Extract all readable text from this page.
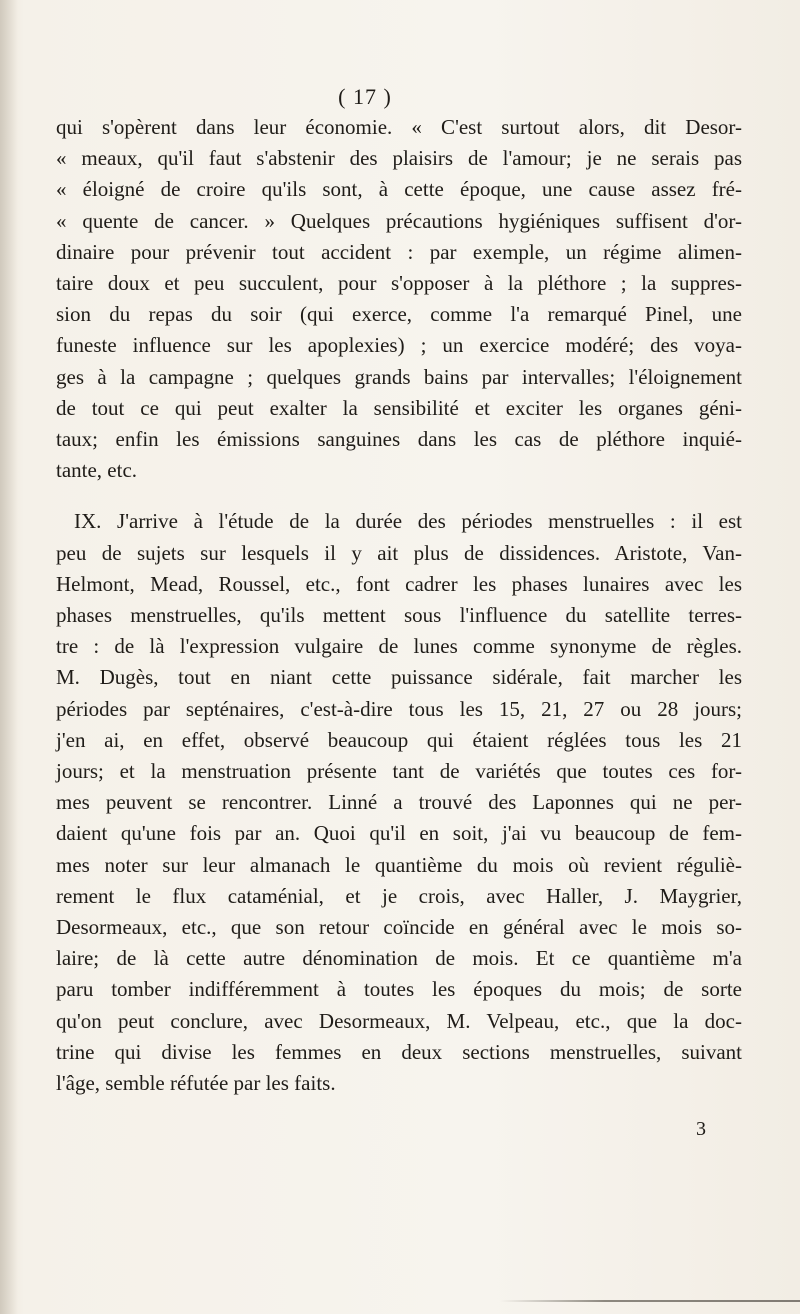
( 17 )
qui s'opèrent dans leur économie. « C'est surtout alors, dit Desor-
« meaux, qu'il faut s'abstenir des plaisirs de l'amour; je ne serais pas
« éloigné de croire qu'ils sont, à cette époque, une cause assez fré-
« quente de cancer. » Quelques précautions hygiéniques suffisent d'or-
dinaire pour prévenir tout accident : par exemple, un régime alimen-
taire doux et peu succulent, pour s'opposer à la pléthore ; la suppres-
sion du repas du soir (qui exerce, comme l'a remarqué Pinel, une
funeste influence sur les apoplexies) ; un exercice modéré; des voya-
ges à la campagne ; quelques grands bains par intervalles; l'éloignement
de tout ce qui peut exalter la sensibilité et exciter les organes géni-
taux; enfin les émissions sanguines dans les cas de pléthore inquié-
tante, etc.
IX. J'arrive à l'étude de la durée des périodes menstruelles : il est
peu de sujets sur lesquels il y ait plus de dissidences. Aristote, Van-
Helmont, Mead, Roussel, etc., font cadrer les phases lunaires avec les
phases menstruelles, qu'ils mettent sous l'influence du satellite terres-
tre : de là l'expression vulgaire de lunes comme synonyme de règles.
M. Dugès, tout en niant cette puissance sidérale, fait marcher les
périodes par septénaires, c'est-à-dire tous les 15, 21, 27 ou 28 jours;
j'en ai, en effet, observé beaucoup qui étaient réglées tous les 21
jours; et la menstruation présente tant de variétés que toutes ces for-
mes peuvent se rencontrer. Linné a trouvé des Laponnes qui ne per-
daient qu'une fois par an. Quoi qu'il en soit, j'ai vu beaucoup de fem-
mes noter sur leur almanach le quantième du mois où revient réguliè-
rement le flux cataménial, et je crois, avec Haller, J. Maygrier,
Desormeaux, etc., que son retour coïncide en général avec le mois so-
laire; de là cette autre dénomination de mois. Et ce quantième m'a
paru tomber indifféremment à toutes les époques du mois; de sorte
qu'on peut conclure, avec Desormeaux, M. Velpeau, etc., que la doc-
trine qui divise les femmes en deux sections menstruelles, suivant
l'âge, semble réfutée par les faits.
3
